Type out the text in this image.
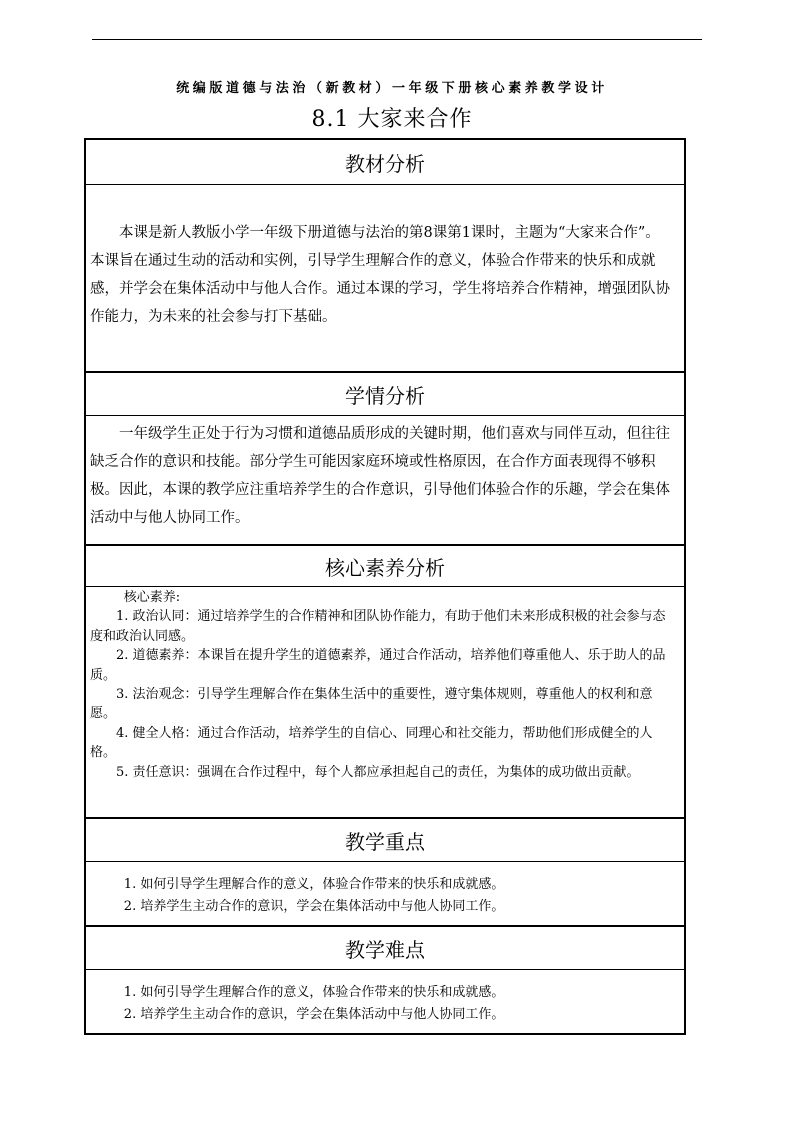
统编版道德与法治（新教材）一年级下册核心素养教学设计
8.1 大家来合作
教材分析

本课是新人教版小学一年级下册道德与法治的第8课第1课时，主题为“大家来合作”。本课旨在通过生动的活动和实例，引导学生理解合作的意义，体验合作带来的快乐和成就感，并学会在集体活动中与他人合作。通过本课的学习，学生将培养合作精神，增强团队协作能力，为未来的社会参与打下基础。

学情分析

一年级学生正处于行为习惯和道德品质形成的关键时期，他们喜欢与同伴互动，但往往缺乏合作的意识和技能。部分学生可能因家庭环境或性格原因，在合作方面表现得不够积极。因此，本课的教学应注重培养学生的合作意识，引导他们体验合作的乐趣，学会在集体活动中与他人协同工作。

核心素养分析

核心素养:

1. 政治认同：通过培养学生的合作精神和团队协作能力，有助于他们未来形成积极的社会参与态度和政治认同感。

2. 道德素养：本课旨在提升学生的道德素养，通过合作活动，培养他们尊重他人、乐于助人的品质。

3. 法治观念：引导学生理解合作在集体生活中的重要性，遵守集体规则，尊重他人的权利和意愿。

4. 健全人格：通过合作活动，培养学生的自信心、同理心和社交能力，帮助他们形成健全的人格。

5. 责任意识：强调在合作过程中，每个人都应承担起自己的责任，为集体的成功做出贡献。

教学重点

1. 如何引导学生理解合作的意义，体验合作带来的快乐和成就感。

2. 培养学生主动合作的意识，学会在集体活动中与他人协同工作。

教学难点

1. 如何引导学生理解合作的意义，体验合作带来的快乐和成就感。

2. 培养学生主动合作的意识，学会在集体活动中与他人协同工作。
